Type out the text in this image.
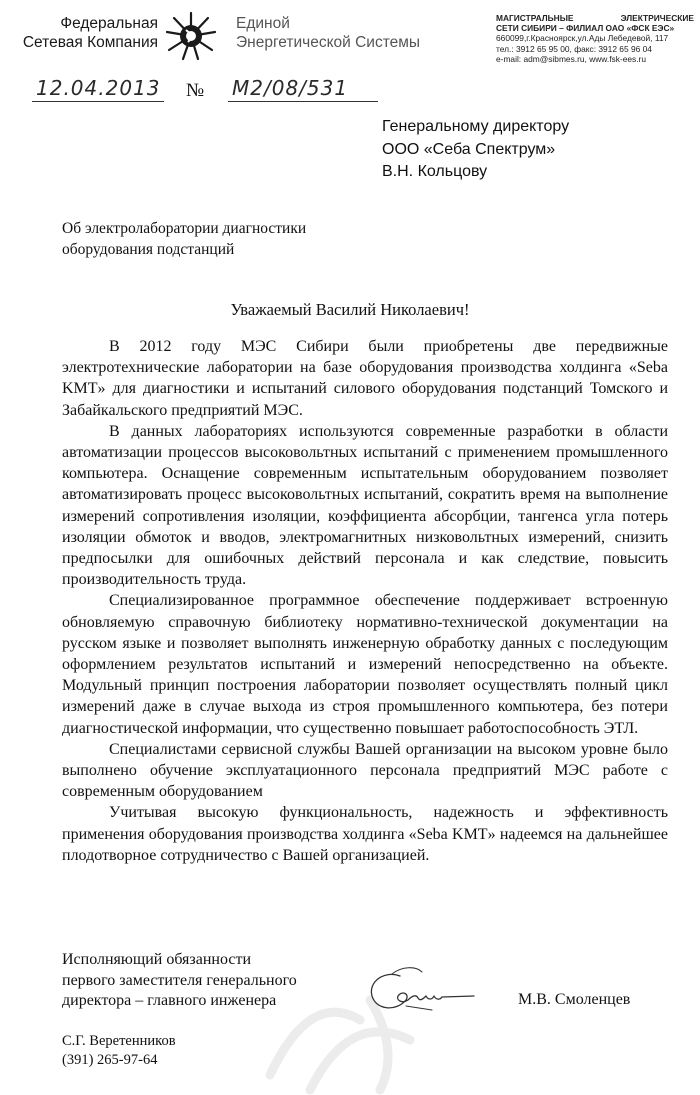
Федеральная
Сетевая Компания
Единой
Энергетической Системы
МАГИСТРАЛЬНЫЕ ЭЛЕКТРИЧЕСКИЕ
СЕТИ СИБИРИ – ФИЛИАЛ ОАО «ФСК ЕЭС»
660099,г.Красноярск,ул.Ады Лебедевой, 117
тел.: 3912 65 95 00, факс: 3912 65 96 04
e-mail: adm@sibmes.ru, www.fsk-ees.ru
12.04.2013 № М2/08/531
Генеральному директору
ООО «Себа Спектрум»
В.Н. Кольцову
Об электролаборатории диагностики
оборудования подстанций
Уважаемый Василий Николаевич!

В 2012 году МЭС Сибири были приобретены две передвижные электротехнические лаборатории на базе оборудования производства холдинга «Seba KMT» для диагностики и испытаний силового оборудования подстанций Томского и Забайкальского предприятий МЭС.

В данных лабораториях используются современные разработки в области автоматизации процессов высоковольтных испытаний с применением промышленного компьютера. Оснащение современным испытательным оборудованием позволяет автоматизировать процесс высоковольтных испытаний, сократить время на выполнение измерений сопротивления изоляции, коэффициента абсорбции, тангенса угла потерь изоляции обмоток и вводов, электромагнитных низковольтных измерений, снизить предпосылки для ошибочных действий персонала и как следствие, повысить производительность труда.

Специализированное программное обеспечение поддерживает встроенную обновляемую справочную библиотеку нормативно-технической документации на русском языке и позволяет выполнять инженерную обработку данных с последующим оформлением результатов испытаний и измерений непосредственно на объекте. Модульный принцип построения лаборатории позволяет осуществлять полный цикл измерений даже в случае выхода из строя промышленного компьютера, без потери диагностической информации, что существенно повышает работоспособность ЭТЛ.

Специалистами сервисной службы Вашей организации на высоком уровне было выполнено обучение эксплуатационного персонала предприятий МЭС работе с современным оборудованием

Учитывая высокую функциональность, надежность и эффективность применения оборудования производства холдинга «Seba KMT» надеемся на дальнейшее плодотворное сотрудничество с Вашей организацией.

Исполняющий обязанности
первого заместителя генерального
директора – главного инженера	М.В. Смоленцев
С.Г. Веретенников
(391) 265-97-64
